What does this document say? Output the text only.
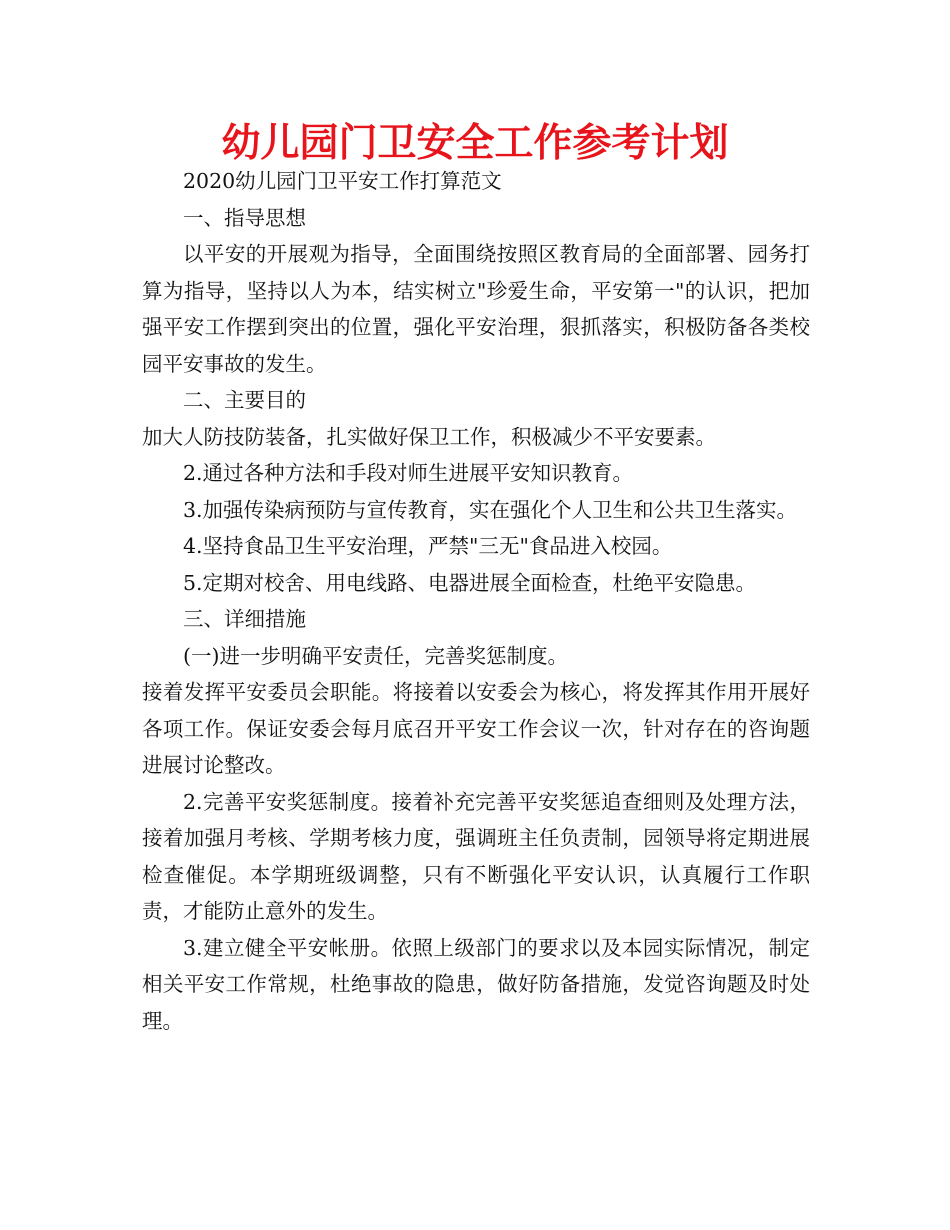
幼儿园门卫安全工作参考计划

2020幼儿园门卫平安工作打算范文

一、指导思想

以平安的开展观为指导，全面围绕按照区教育局的全面部署、园务打算为指导，坚持以人为本，结实树立"珍爱生命，平安第一"的认识，把加强平安工作摆到突出的位置，强化平安治理，狠抓落实，积极防备各类校园平安事故的发生。

二、主要目的

加大人防技防装备，扎实做好保卫工作，积极减少不平安要素。

2.通过各种方法和手段对师生进展平安知识教育。

3.加强传染病预防与宣传教育，实在强化个人卫生和公共卫生落实。

4.坚持食品卫生平安治理，严禁"三无"食品进入校园。

5.定期对校舍、用电线路、电器进展全面检查，杜绝平安隐患。

三、详细措施

(一)进一步明确平安责任，完善奖惩制度。

接着发挥平安委员会职能。将接着以安委会为核心，将发挥其作用开展好各项工作。保证安委会每月底召开平安工作会议一次，针对存在的咨询题进展讨论整改。

2.完善平安奖惩制度。接着补充完善平安奖惩追查细则及处理方法，接着加强月考核、学期考核力度，强调班主任负责制，园领导将定期进展检查催促。本学期班级调整，只有不断强化平安认识，认真履行工作职责，才能防止意外的发生。

3.建立健全平安帐册。依照上级部门的要求以及本园实际情况，制定相关平安工作常规，杜绝事故的隐患，做好防备措施，发觉咨询题及时处理。
